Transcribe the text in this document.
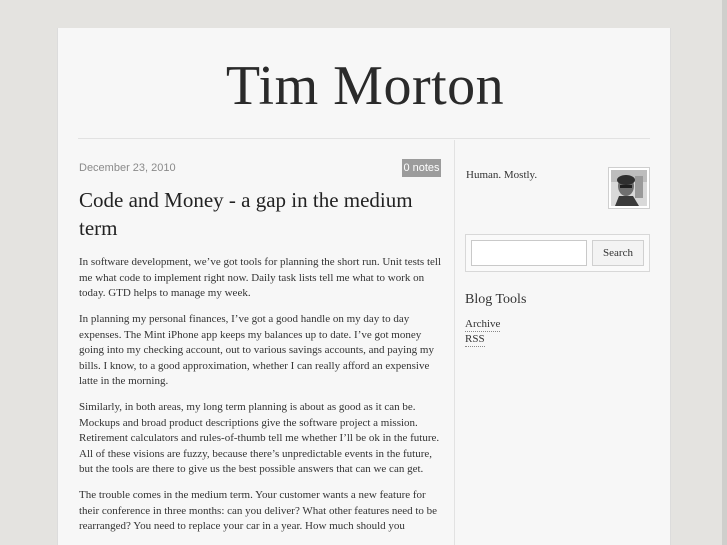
Tim Morton
December 23, 2010	0 notes
Code and Money - a gap in the medium term

In software development, we’ve got tools for planning the short run. Unit tests tell me what code to implement right now. Daily task lists tell me what to work on today. GTD helps to manage my week.

In planning my personal finances, I’ve got a good handle on my day to day expenses. The Mint iPhone app keeps my balances up to date. I’ve got money going into my checking account, out to various savings accounts, and paying my bills. I know, to a good approximation, whether I can really afford an expensive latte in the morning.

Similarly, in both areas, my long term planning is about as good as it can be. Mockups and broad product descriptions give the software project a mission. Retirement calculators and rules-of-thumb tell me whether I’ll be ok in the future. All of these visions are fuzzy, because there’s unpredictable events in the future, but the tools are there to give us the best possible answers that can we can get.

The trouble comes in the medium term. Your customer wants a new feature for their conference in three months: can you deliver? What other features need to be rearranged? You need to replace your car in a year. How much should you

Human. Mostly.
Search
Blog Tools
Archive
RSS
